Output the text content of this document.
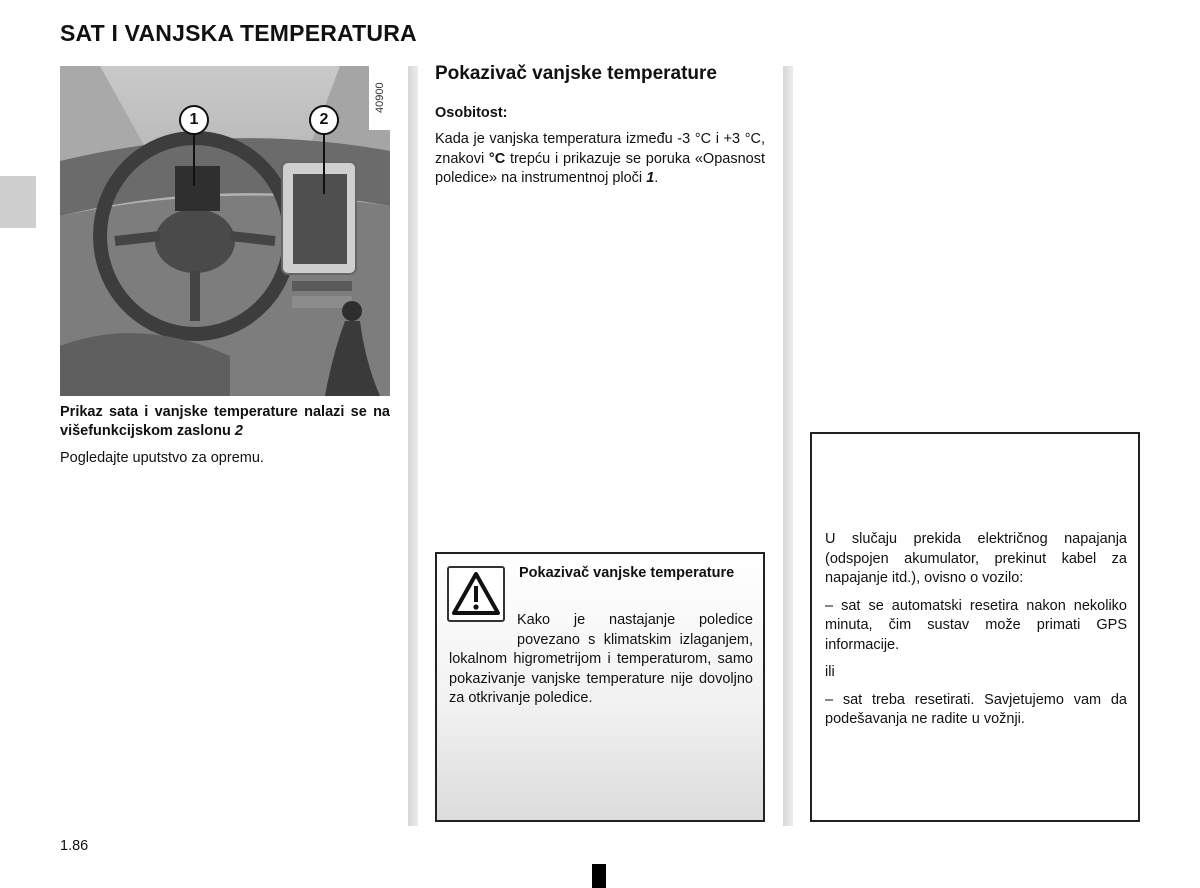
SAT I VANJSKA TEMPERATURA
1	2
40900
Prikaz sata i vanjske temperature nalazi se na višefunkcijskom zaslonu 2
Pogledajte uputstvo za opremu.
Pokazivač vanjske temperature
Osobitost:
Kada je vanjska temperatura između -3 °C i +3 °C, znakovi °C trepću i prikazuje se poruka «Opasnost poledice» na instrumentnoj ploči 1.
Pokazivač vanjske temperature
Kako je nastajanje poledice povezano s klimatskim izlaganjem, lokalnom higrometrijom i temperaturom, samo pokazivanje vanjske temperature nije dovoljno za otkrivanje poledice.

U slučaju prekida električnog napajanja (odspojen akumulator, prekinut kabel za napajanje itd.), ovisno o vozilo:

– sat se automatski resetira nakon nekoliko minuta, čim sustav može primati GPS informacije.

ili

– sat treba resetirati. Savjetujemo vam da podešavanja ne radite u vožnji.

1.86
